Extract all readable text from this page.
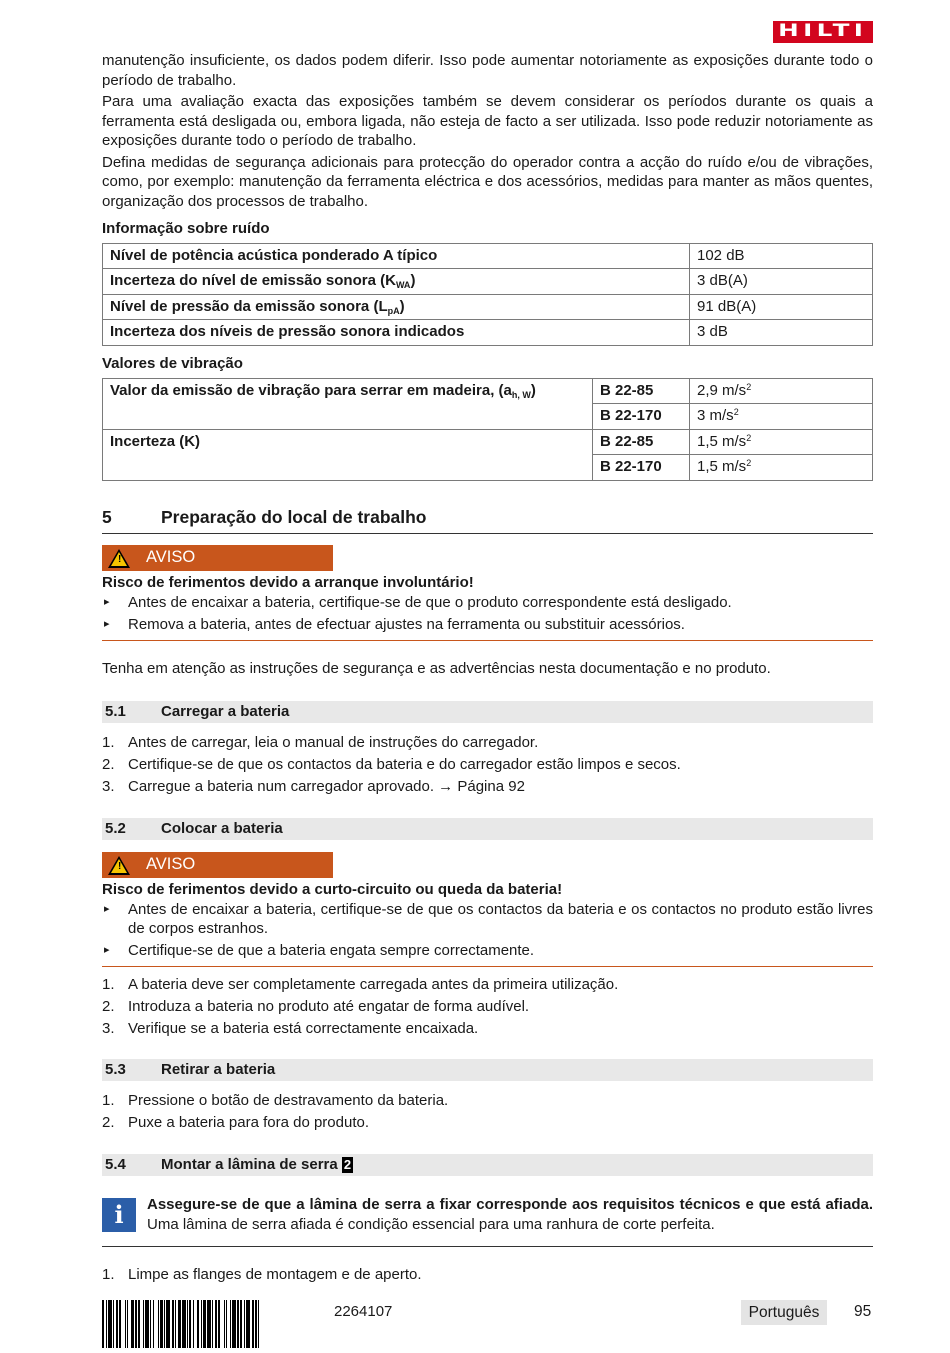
HILTI

manutenção insuficiente, os dados podem diferir. Isso pode aumentar notoriamente as exposições durante todo o período de trabalho.

Para uma avaliação exacta das exposições também se devem considerar os períodos durante os quais a ferramenta está desligada ou, embora ligada, não esteja de facto a ser utilizada. Isso pode reduzir notoriamente as exposições durante todo o período de trabalho.

Defina medidas de segurança adicionais para protecção do operador contra a acção do ruído e/ou de vibrações, como, por exemplo: manutenção da ferramenta eléctrica e dos acessórios, medidas para manter as mãos quentes, organização dos processos de trabalho.

Informação sobre ruído
Nível de potência acústica ponderado A típico	102 dB
Incerteza do nível de emissão sonora $(K_{WA})$	3 dB(A)
Nível de pressão da emissão sonora $(L_{pA})$	91 dB(A)
Incerteza dos níveis de pressão sonora indicados	3 dB
Valores de vibração
Valor da emissão de vibração para serrar em madeira, $(a_{h, W})$	B 22-85	2,9 $m/s^2$
	B 22-170	3 $m/s^2$
Incerteza (K)	B 22-85	1,5 $m/s^2$
	B 22-170	1,5 $m/s^2$
5	Preparação do local de trabalho
! AVISO
Risco de ferimentos devido a arranque involuntário!
▸ Antes de encaixar a bateria, certifique-se de que o produto correspondente está desligado.
▸ Remova a bateria, antes de efectuar ajustes na ferramenta ou substituir acessórios.
Tenha em atenção as instruções de segurança e as advertências nesta documentação e no produto.
5.1 Carregar a bateria
1. Antes de carregar, leia o manual de instruções do carregador.
2. Certifique-se de que os contactos da bateria e do carregador estão limpos e secos.
3. Carregue a bateria num carregador aprovado. → Página 92
5.2 Colocar a bateria
! AVISO
Risco de ferimentos devido a curto-circuito ou queda da bateria!
▸ Antes de encaixar a bateria, certifique-se de que os contactos da bateria e os contactos no produto estão livres de corpos estranhos.
▸ Certifique-se de que a bateria engata sempre correctamente.
1. A bateria deve ser completamente carregada antes da primeira utilização.
2. Introduza a bateria no produto até engatar de forma audível.
3. Verifique se a bateria está correctamente encaixada.
5.3 Retirar a bateria
1. Pressione o botão de destravamento da bateria.
2. Puxe a bateria para fora do produto.
5.4 Montar a lâmina de serra 2
i	Assegure-se de que a lâmina de serra a fixar corresponde aos requisitos técnicos e que está afiada. Uma lâmina de serra afiada é condição essencial para uma ranhura de corte perfeita.

1. Limpe as flanges de montagem e de aperto.
2264107	Português	95
